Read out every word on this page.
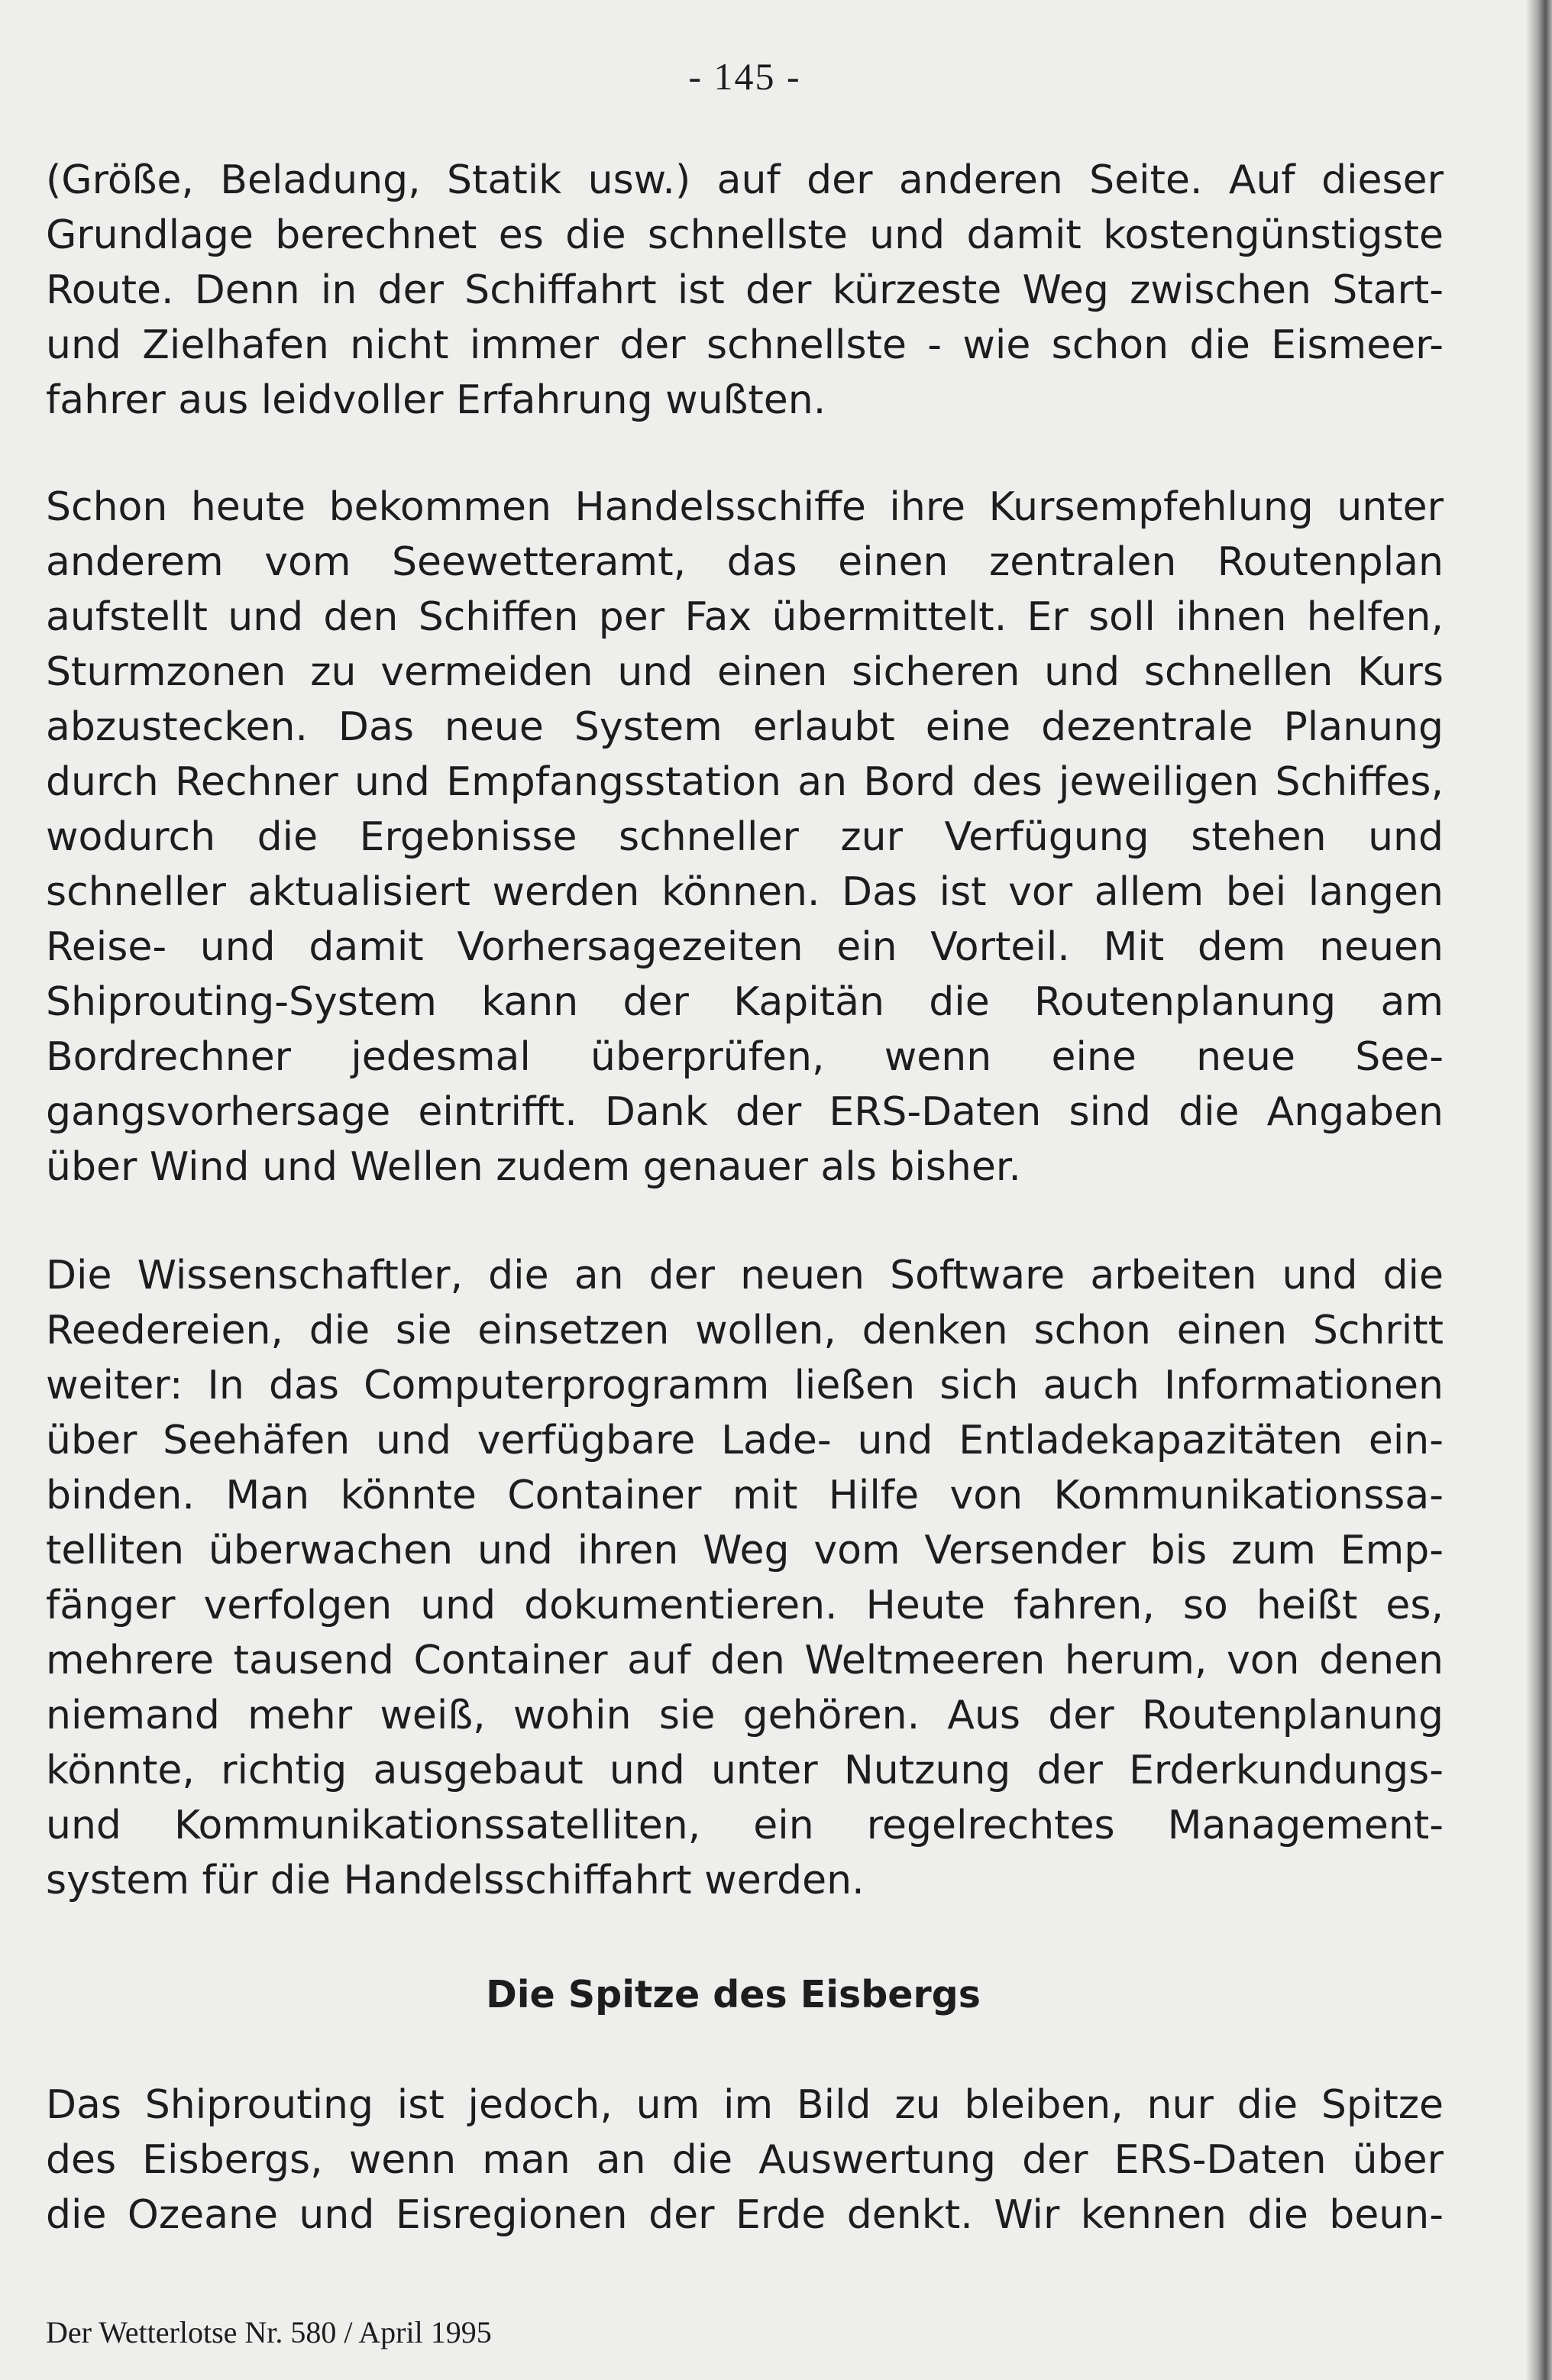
- 145 -
(Größe, Beladung, Statik usw.) auf der anderen Seite. Auf dieser
Grundlage berechnet es die schnellste und damit kostengünstigste
Route. Denn in der Schiffahrt ist der kürzeste Weg zwischen Start-
und Zielhafen nicht immer der schnellste - wie schon die Eismeer-
fahrer aus leidvoller Erfahrung wußten.
Schon heute bekommen Handelsschiffe ihre Kursempfehlung unter
anderem vom Seewetteramt, das einen zentralen Routenplan
aufstellt und den Schiffen per Fax übermittelt. Er soll ihnen helfen,
Sturmzonen zu vermeiden und einen sicheren und schnellen Kurs
abzustecken. Das neue System erlaubt eine dezentrale Planung
durch Rechner und Empfangsstation an Bord des jeweiligen Schiffes,
wodurch die Ergebnisse schneller zur Verfügung stehen und
schneller aktualisiert werden können. Das ist vor allem bei langen
Reise- und damit Vorhersagezeiten ein Vorteil. Mit dem neuen
Shiprouting-System kann der Kapitän die Routenplanung am
Bordrechner jedesmal überprüfen, wenn eine neue See-
gangsvorhersage eintrifft. Dank der ERS-Daten sind die Angaben
über Wind und Wellen zudem genauer als bisher.
Die Wissenschaftler, die an der neuen Software arbeiten und die
Reedereien, die sie einsetzen wollen, denken schon einen Schritt
weiter: In das Computerprogramm ließen sich auch Informationen
über Seehäfen und verfügbare Lade- und Entladekapazitäten ein-
binden. Man könnte Container mit Hilfe von Kommunikationssa-
telliten überwachen und ihren Weg vom Versender bis zum Emp-
fänger verfolgen und dokumentieren. Heute fahren, so heißt es,
mehrere tausend Container auf den Weltmeeren herum, von denen
niemand mehr weiß, wohin sie gehören. Aus der Routenplanung
könnte, richtig ausgebaut und unter Nutzung der Erderkundungs-
und Kommunikationssatelliten, ein regelrechtes Management-
system für die Handelsschiffahrt werden.
Die Spitze des Eisbergs
Das Shiprouting ist jedoch, um im Bild zu bleiben, nur die Spitze
des Eisbergs, wenn man an die Auswertung der ERS-Daten über
die Ozeane und Eisregionen der Erde denkt. Wir kennen die beun-
Der Wetterlotse Nr. 580 / April 1995
